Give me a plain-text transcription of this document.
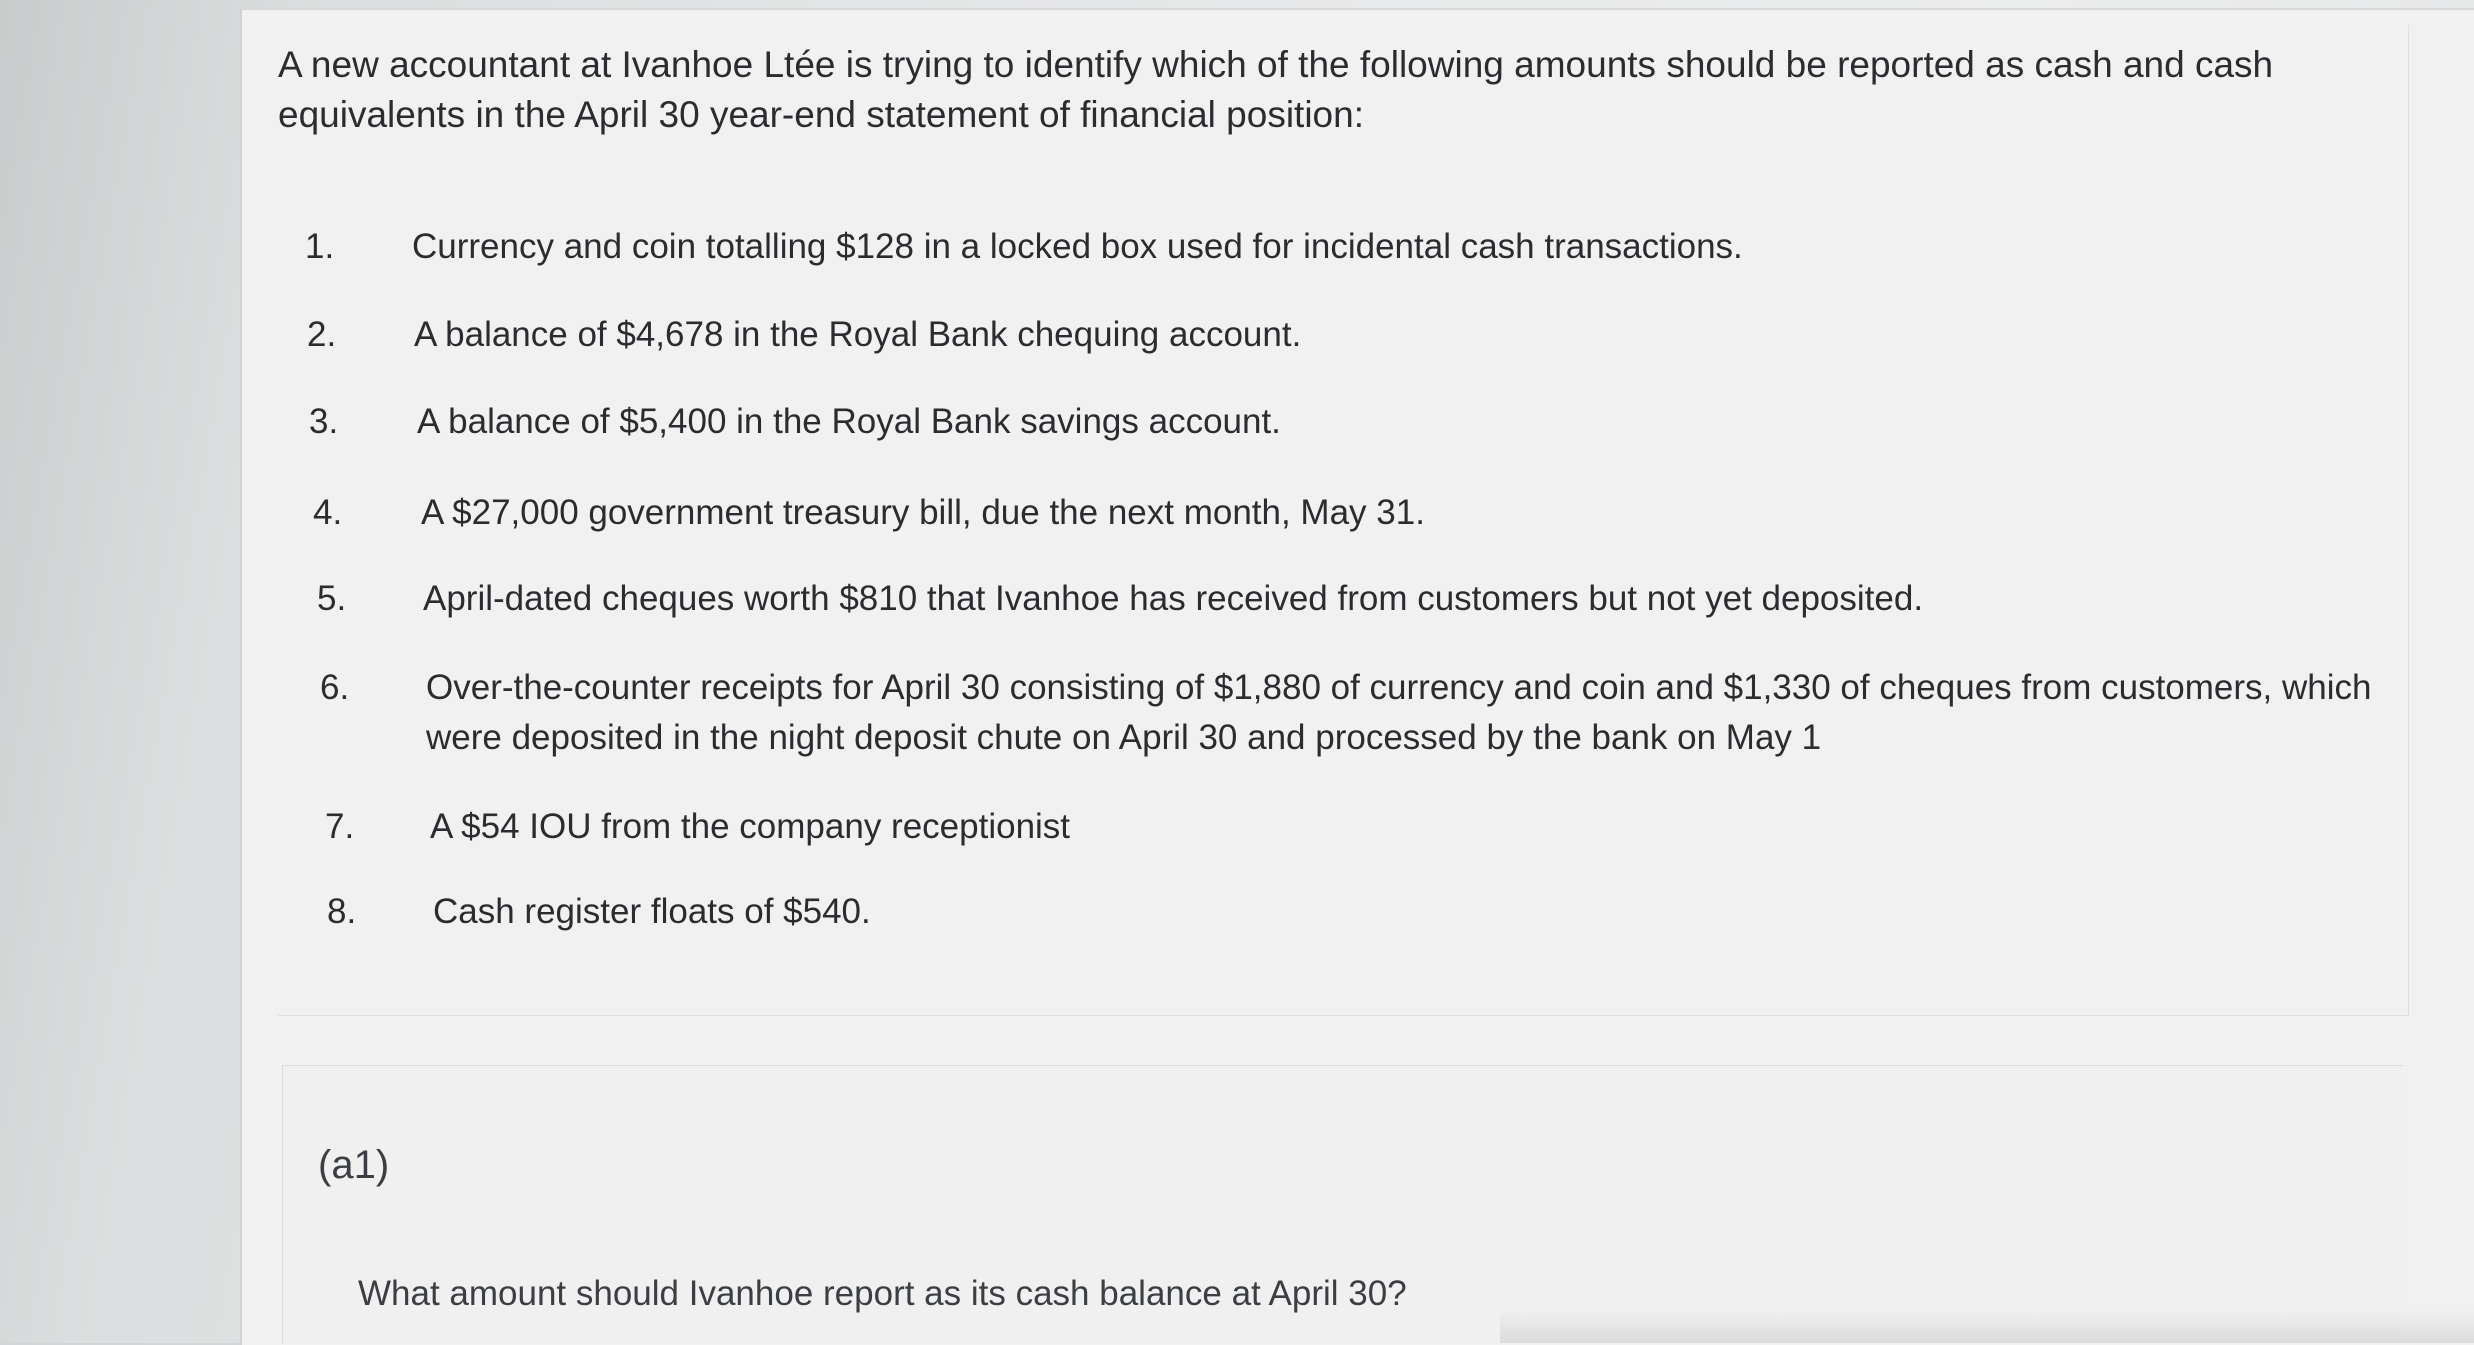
A new accountant at Ivanhoe Ltée is trying to identify which of the following amounts should be reported as cash and cash equivalents in the April 30 year-end statement of financial position:

1. Currency and coin totalling $128 in a locked box used for incidental cash transactions.
2. A balance of $4,678 in the Royal Bank chequing account.
3. A balance of $5,400 in the Royal Bank savings account.
4. A $27,000 government treasury bill, due the next month, May 31.
5. April-dated cheques worth $810 that Ivanhoe has received from customers but not yet deposited.
6. Over-the-counter receipts for April 30 consisting of $1,880 of currency and coin and $1,330 of cheques from customers, which were deposited in the night deposit chute on April 30 and processed by the bank on May 1
7. A $54 IOU from the company receptionist
8. Cash register floats of $540.
(a1)
What amount should Ivanhoe report as its cash balance at April 30?
